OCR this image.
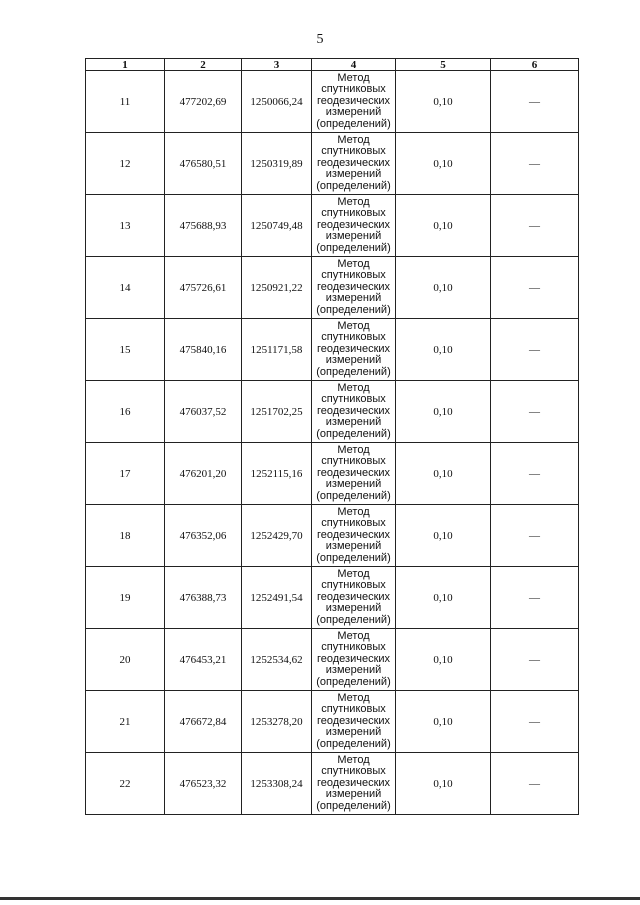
5
1	2	3	4	5	6
11	477202,69	1250066,24	Метод
спутниковых
геодезических
измерений
(определений)	0,10	—
12	476580,51	1250319,89	Метод
спутниковых
геодезических
измерений
(определений)	0,10	—
13	475688,93	1250749,48	Метод
спутниковых
геодезических
измерений
(определений)	0,10	—
14	475726,61	1250921,22	Метод
спутниковых
геодезических
измерений
(определений)	0,10	—
15	475840,16	1251171,58	Метод
спутниковых
геодезических
измерений
(определений)	0,10	—
16	476037,52	1251702,25	Метод
спутниковых
геодезических
измерений
(определений)	0,10	—
17	476201,20	1252115,16	Метод
спутниковых
геодезических
измерений
(определений)	0,10	—
18	476352,06	1252429,70	Метод
спутниковых
геодезических
измерений
(определений)	0,10	—
19	476388,73	1252491,54	Метод
спутниковых
геодезических
измерений
(определений)	0,10	—
20	476453,21	1252534,62	Метод
спутниковых
геодезических
измерений
(определений)	0,10	—
21	476672,84	1253278,20	Метод
спутниковых
геодезических
измерений
(определений)	0,10	—
22	476523,32	1253308,24	Метод
спутниковых
геодезических
измерений
(определений)	0,10	—
